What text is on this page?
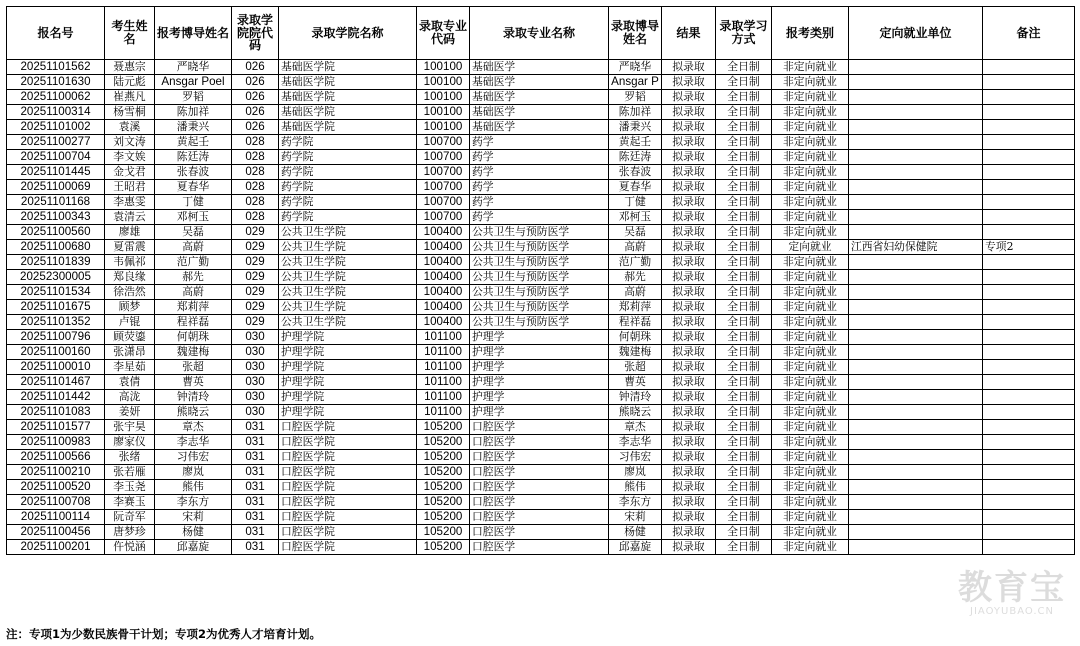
报名号	考生姓名	报考博导姓名	录取学院院代码	录取学院名称	录取专业代码	录取专业名称	录取博导姓名	结果	录取学习方式	报考类别	定向就业单位	备注
20251101562	聂惠宗	严晓华	026	基础医学院	100100	基础医学	严晓华	拟录取	全日制	非定向就业		
20251101630	陆元彪	Ansgar Poel	026	基础医学院	100100	基础医学	Ansgar P	拟录取	全日制	非定向就业		
20251100062	崔燕凡	罗韬	026	基础医学院	100100	基础医学	罗韬	拟录取	全日制	非定向就业		
20251100314	杨雪桐	陈加祥	026	基础医学院	100100	基础医学	陈加祥	拟录取	全日制	非定向就业		
20251101002	袁溪	潘秉兴	026	基础医学院	100100	基础医学	潘秉兴	拟录取	全日制	非定向就业		
20251100277	刘文涛	黄起壬	028	药学院	100700	药学	黄起壬	拟录取	全日制	非定向就业		
20251100704	李文娭	陈廷涛	028	药学院	100700	药学	陈廷涛	拟录取	全日制	非定向就业		
20251101445	金戈君	张春波	028	药学院	100700	药学	张春波	拟录取	全日制	非定向就业		
20251100069	王昭君	夏春华	028	药学院	100700	药学	夏春华	拟录取	全日制	非定向就业		
20251101168	李惠雯	丁健	028	药学院	100700	药学	丁健	拟录取	全日制	非定向就业		
20251100343	袁清云	邓柯玉	028	药学院	100700	药学	邓柯玉	拟录取	全日制	非定向就业		
20251100560	廖雄	吴磊	029	公共卫生学院	100400	公共卫生与预防医学	吴磊	拟录取	全日制	非定向就业		
20251100680	夏雷震	高蔚	029	公共卫生学院	100400	公共卫生与预防医学	高蔚	拟录取	全日制	定向就业	江西省妇幼保健院	专项2
20251101839	韦佩祁	范广勤	029	公共卫生学院	100400	公共卫生与预防医学	范广勤	拟录取	全日制	非定向就业		
20252300005	郑良缘	郝先	029	公共卫生学院	100400	公共卫生与预防医学	郝先	拟录取	全日制	非定向就业		
20251101534	徐浩然	高蔚	029	公共卫生学院	100400	公共卫生与预防医学	高蔚	拟录取	全日制	非定向就业		
20251101675	顾梦	郑莉萍	029	公共卫生学院	100400	公共卫生与预防医学	郑莉萍	拟录取	全日制	非定向就业		
20251101352	卢锟	程祥磊	029	公共卫生学院	100400	公共卫生与预防医学	程祥磊	拟录取	全日制	非定向就业		
20251100796	顾荧鎏	何朝珠	030	护理学院	101100	护理学	何朝珠	拟录取	全日制	非定向就业		
20251100160	张潇昂	魏建梅	030	护理学院	101100	护理学	魏建梅	拟录取	全日制	非定向就业		
20251100010	李星茹	张超	030	护理学院	101100	护理学	张超	拟录取	全日制	非定向就业		
20251101467	袁倩	曹英	030	护理学院	101100	护理学	曹英	拟录取	全日制	非定向就业		
20251101442	高泷	钟清玲	030	护理学院	101100	护理学	钟清玲	拟录取	全日制	非定向就业		
20251101083	姜妍	熊晓云	030	护理学院	101100	护理学	熊晓云	拟录取	全日制	非定向就业		
20251101577	张宇昊	章杰	031	口腔医学院	105200	口腔医学	章杰	拟录取	全日制	非定向就业		
20251100983	廖家仪	李志华	031	口腔医学院	105200	口腔医学	李志华	拟录取	全日制	非定向就业		
20251100566	张绪	习伟宏	031	口腔医学院	105200	口腔医学	习伟宏	拟录取	全日制	非定向就业		
20251100210	张若雁	廖岚	031	口腔医学院	105200	口腔医学	廖岚	拟录取	全日制	非定向就业		
20251100520	李玉尧	熊伟	031	口腔医学院	105200	口腔医学	熊伟	拟录取	全日制	非定向就业		
20251100708	李赛玉	李东方	031	口腔医学院	105200	口腔医学	李东方	拟录取	全日制	非定向就业		
20251100114	阮奇军	宋莉	031	口腔医学院	105200	口腔医学	宋莉	拟录取	全日制	非定向就业		
20251100456	唐梦珍	杨健	031	口腔医学院	105200	口腔医学	杨健	拟录取	全日制	非定向就业		
20251100201	仵悦涵	邱嘉旋	031	口腔医学院	105200	口腔医学	邱嘉旋	拟录取	全日制	非定向就业		
注：专项1为少数民族骨干计划；专项2为优秀人才培育计划。
教育宝
JIAOYUBAO.CN
